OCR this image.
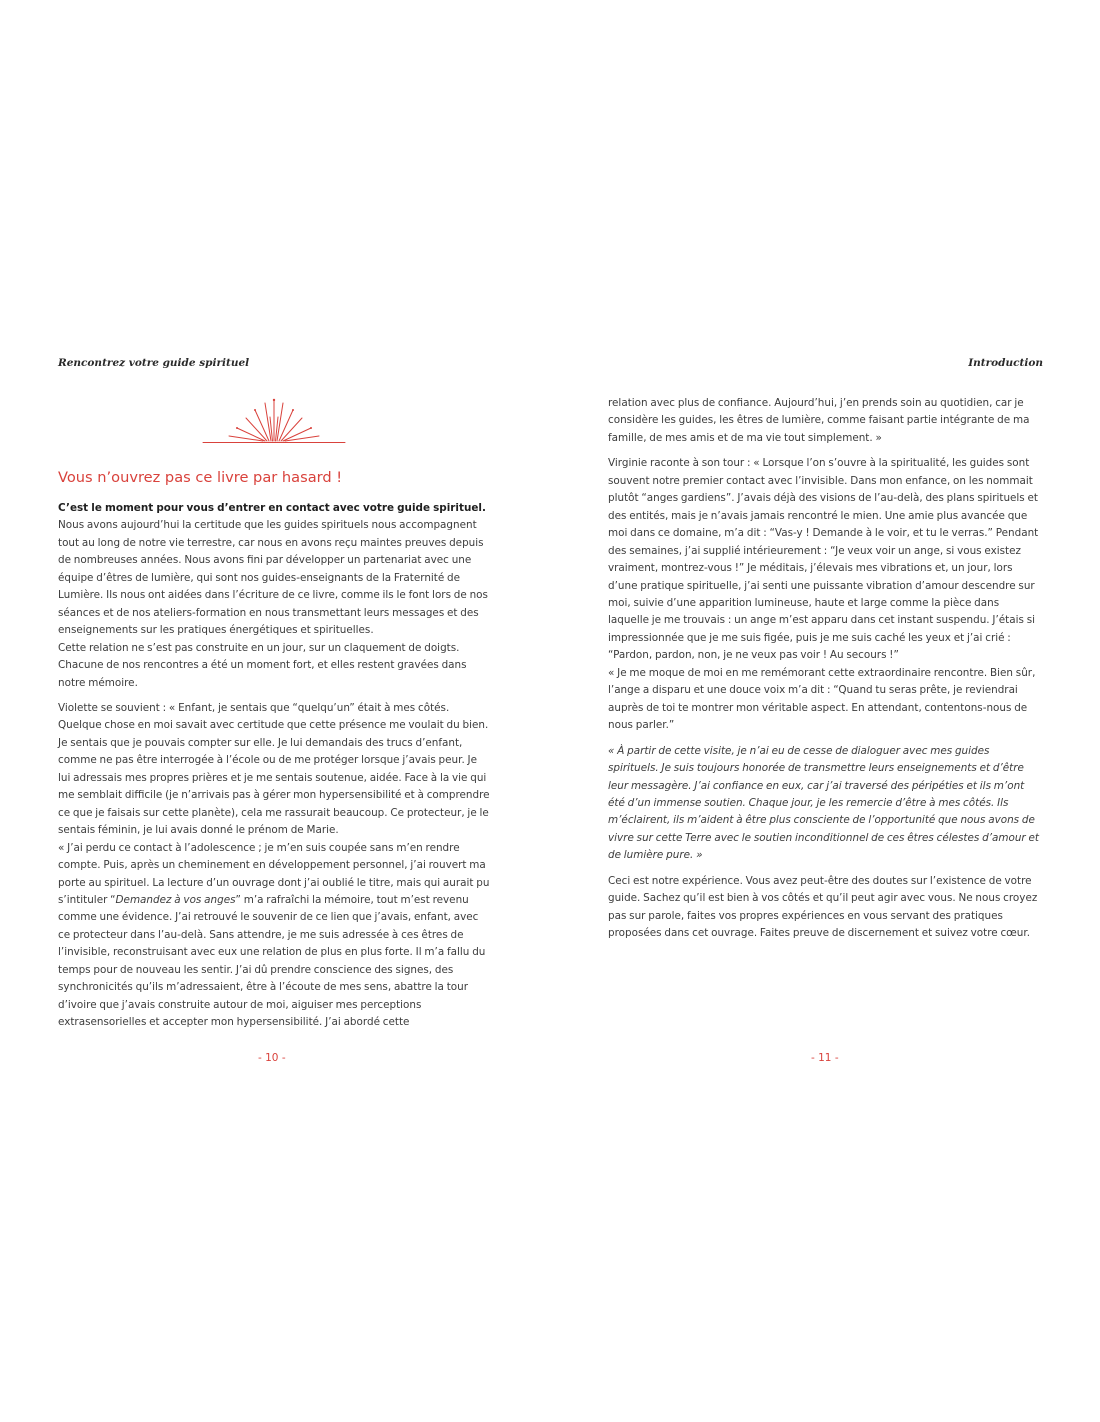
Rencontrez votre guide spirituel
Vous n’ouvrez pas ce livre par hasard !

C’est le moment pour vous d’entrer en contact avec votre guide spirituel. Nous avons aujourd’hui la certitude que les guides spirituels nous accompagnent tout au long de notre vie terrestre, car nous en avons reçu maintes preuves depuis de nombreuses années. Nous avons fini par développer un partenariat avec une équipe d’êtres de lumière, qui sont nos guides-enseignants de la Fraternité de Lumière. Ils nous ont aidées dans l’écriture de ce livre, comme ils le font lors de nos séances et de nos ateliers-formation en nous transmettant leurs messages et des enseignements sur les pratiques énergétiques et spirituelles.

Cette relation ne s’est pas construite en un jour, sur un claquement de doigts. Chacune de nos rencontres a été un moment fort, et elles restent gravées dans notre mémoire.

Violette se souvient : « Enfant, je sentais que “quelqu’un” était à mes côtés. Quelque chose en moi savait avec certitude que cette présence me voulait du bien. Je sentais que je pouvais compter sur elle. Je lui demandais des trucs d’enfant, comme ne pas être interrogée à l’école ou de me protéger lorsque j’avais peur. Je lui adressais mes propres prières et je me sentais soutenue, aidée. Face à la vie qui me semblait difficile (je n’arrivais pas à gérer mon hypersensibilité et à comprendre ce que je faisais sur cette planète), cela me rassurait beaucoup. Ce protecteur, je le sentais féminin, je lui avais donné le prénom de Marie.

« J’ai perdu ce contact à l’adolescence ; je m’en suis coupée sans m’en rendre compte. Puis, après un cheminement en développement personnel, j’ai rouvert ma porte au spirituel. La lecture d’un ouvrage dont j’ai oublié le titre, mais qui aurait pu s’intituler “Demandez à vos anges” m’a rafraîchi la mémoire, tout m’est revenu comme une évidence. J’ai retrouvé le souvenir de ce lien que j’avais, enfant, avec ce protecteur dans l’au-delà. Sans attendre, je me suis adressée à ces êtres de l’invisible, reconstruisant avec eux une relation de plus en plus forte. Il m’a fallu du temps pour de nouveau les sentir. J’ai dû prendre conscience des signes, des synchronicités qu’ils m’adressaient, être à l’écoute de mes sens, abattre la tour d’ivoire que j’avais construite autour de moi, aiguiser mes perceptions extrasensorielles et accepter mon hypersensibilité. J’ai abordé cette

- 10 -
Introduction

relation avec plus de confiance. Aujourd’hui, j’en prends soin au quotidien, car je considère les guides, les êtres de lumière, comme faisant partie intégrante de ma famille, de mes amis et de ma vie tout simplement. »

Virginie raconte à son tour : « Lorsque l’on s’ouvre à la spiritualité, les guides sont souvent notre premier contact avec l’invisible. Dans mon enfance, on les nommait plutôt “anges gardiens”. J’avais déjà des visions de l’au-delà, des plans spirituels et des entités, mais je n’avais jamais rencontré le mien. Une amie plus avancée que moi dans ce domaine, m’a dit : “Vas-y ! Demande à le voir, et tu le verras.” Pendant des semaines, j’ai supplié intérieurement : “Je veux voir un ange, si vous existez vraiment, montrez-vous !” Je méditais, j’élevais mes vibrations et, un jour, lors d’une pratique spirituelle, j’ai senti une puissante vibration d’amour descendre sur moi, suivie d’une apparition lumineuse, haute et large comme la pièce dans laquelle je me trouvais : un ange m’est apparu dans cet instant suspendu. J’étais si impressionnée que je me suis figée, puis je me suis caché les yeux et j’ai crié : “Pardon, pardon, non, je ne veux pas voir ! Au secours !”

« Je me moque de moi en me remémorant cette extraordinaire rencontre. Bien sûr, l’ange a disparu et une douce voix m’a dit : “Quand tu seras prête, je reviendrai auprès de toi te montrer mon véritable aspect. En attendant, contentons-nous de nous parler.”

« À partir de cette visite, je n’ai eu de cesse de dialoguer avec mes guides spirituels. Je suis toujours honorée de transmettre leurs enseignements et d’être leur messagère. J’ai confiance en eux, car j’ai traversé des péripéties et ils m’ont été d’un immense soutien. Chaque jour, je les remercie d’être à mes côtés. Ils m’éclairent, ils m’aident à être plus consciente de l’opportunité que nous avons de vivre sur cette Terre avec le soutien inconditionnel de ces êtres célestes d’amour et de lumière pure. »

Ceci est notre expérience. Vous avez peut-être des doutes sur l’existence de votre guide. Sachez qu’il est bien à vos côtés et qu’il peut agir avec vous. Ne nous croyez pas sur parole, faites vos propres expériences en vous servant des pratiques proposées dans cet ouvrage. Faites preuve de discernement et suivez votre cœur.

- 11 -
